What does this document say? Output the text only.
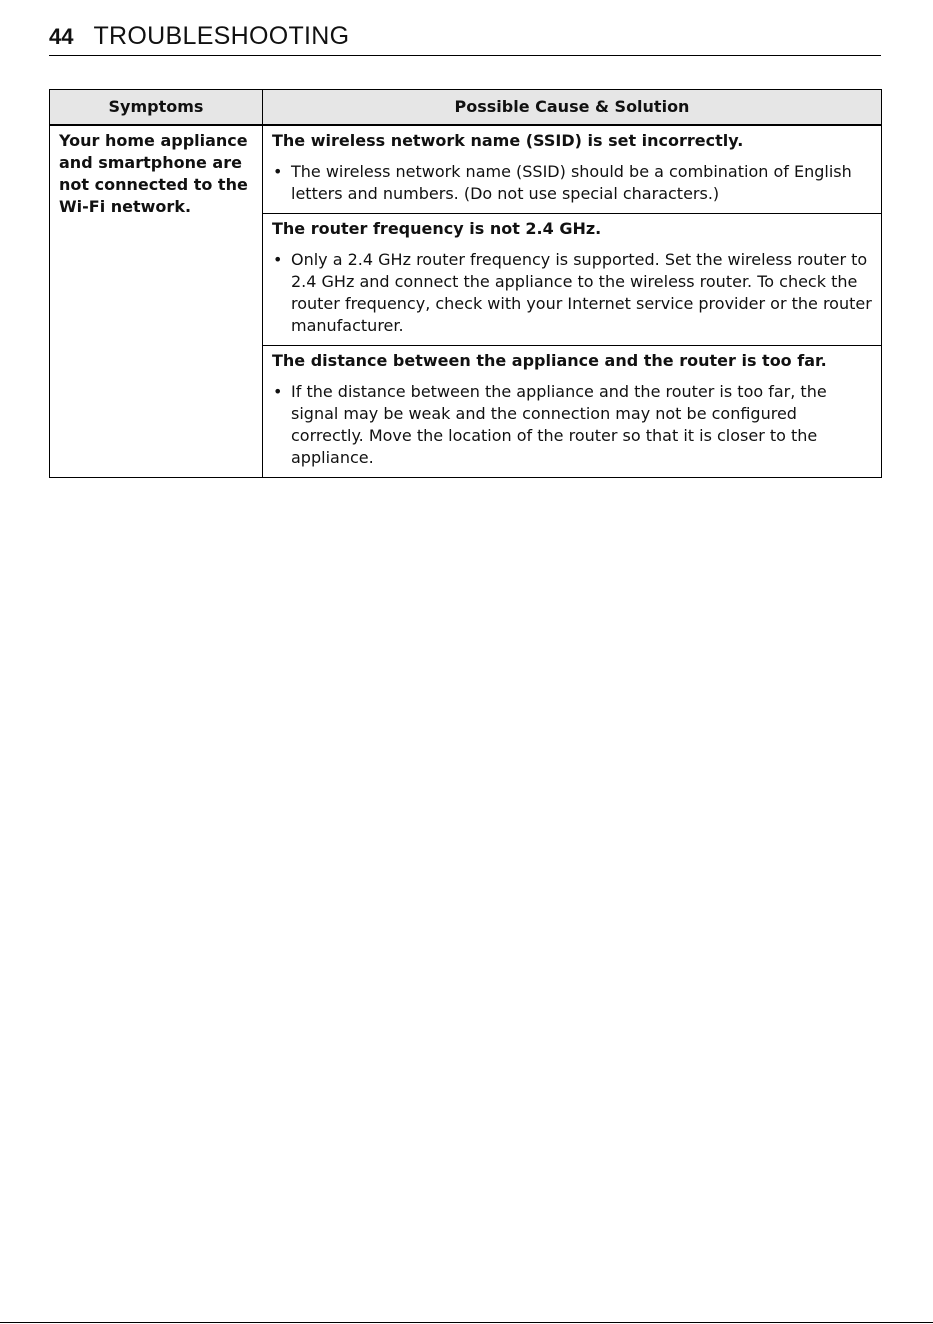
44 TROUBLESHOOTING
Symptoms	Possible Cause & Solution
Your home appliance and smartphone are not connected to the Wi-Fi network.	The wireless network name (SSID) is set incorrectly.
• The wireless network name (SSID) should be a combination of English letters and numbers. (Do not use special characters.)

	The router frequency is not 2.4 GHz.
• Only a 2.4 GHz router frequency is supported. Set the wireless router to 2.4 GHz and connect the appliance to the wireless router. To check the router frequency, check with your Internet service provider or the router manufacturer.

	The distance between the appliance and the router is too far.
• If the distance between the appliance and the router is too far, the signal may be weak and the connection may not be configured correctly. Move the location of the router so that it is closer to the appliance.
